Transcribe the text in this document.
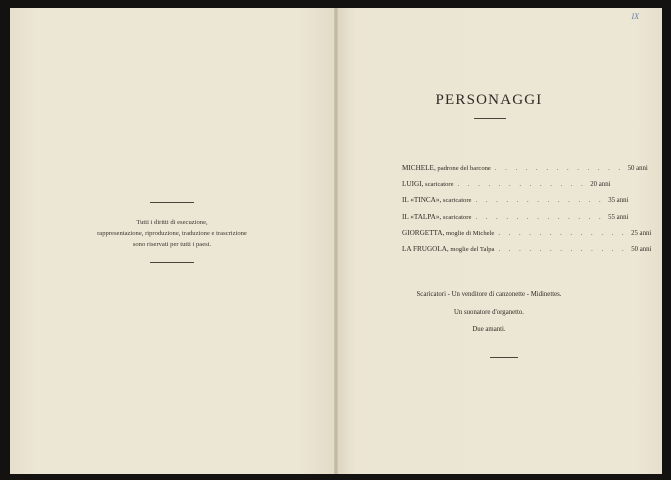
IX

Tutti i diritti di esecuzione,

rappresentazione, riproduzione, traduzione e trascrizione

sono riservati per tutti i paesi.

PERSONAGGI
MICHELE, padrone del barcone . . . . . . . . . . . . . 50 anni
LUIGI, scaricatore . . . . . . . . . . . . . 20 anni
IL «TINCA», scaricatore . . . . . . . . . . . . . 35 anni
IL «TALPA», scaricatore . . . . . . . . . . . . . 55 anni
GIORGETTA, moglie di Michele . . . . . . . . . . . . . 25 anni
LA FRUGOLA, moglie del Talpa . . . . . . . . . . . . . 50 anni

Scaricatori - Un venditore di canzonette - Midinettes.

Un suonatore d'organetto.

Due amanti.
